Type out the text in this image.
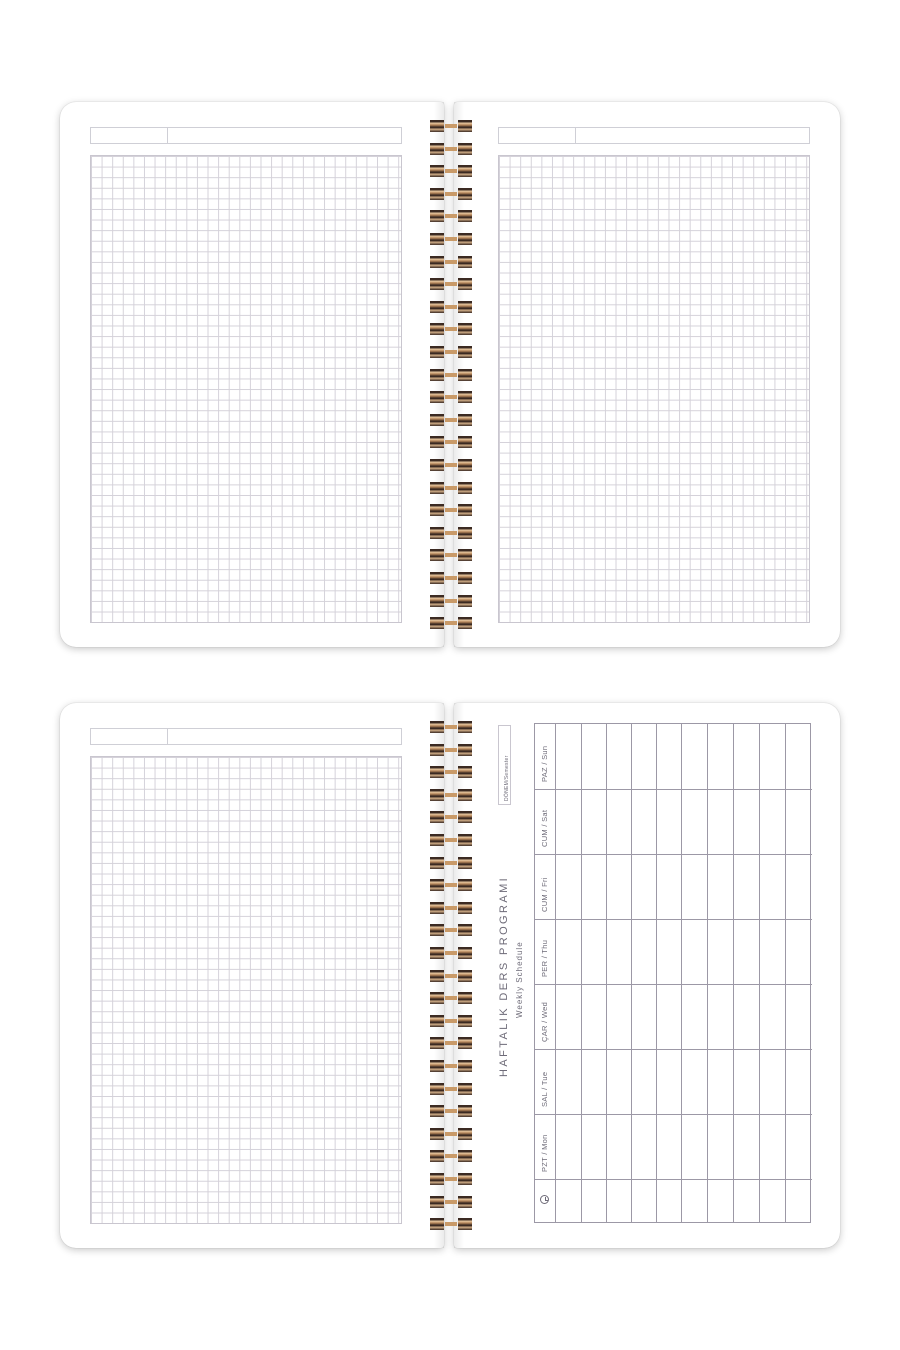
DÖNEM/Semester
HAFTALIK DERS PROGRAMI Weekly Schedule
PAZ / Sun
CUM / Sat
CUM / Fri
PER / Thu
ÇAR / Wed
SAL / Tue
PZT / Mon
